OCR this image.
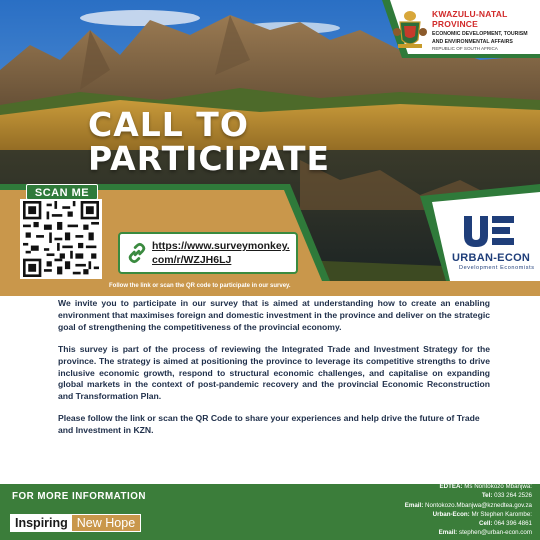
KWAZULU-NATAL PROVINCE
ECONOMIC DEVELOPMENT, TOURISM
AND ENVIRONMENTAL AFFAIRS
REPUBLIC OF SOUTH AFRICA
CALL TO
PARTICIPATE
SCAN ME
https://www.surveymonkey.
com/r/WZJH6LJ
Follow the link or scan the QR code to participate in our survey.
URBAN-ECON
Development Economists

We invite you to participate in our survey that is aimed at understanding how to create an enabling environment that maximises foreign and domestic investment in the province and deliver on the strategic goal of strengthening the competitiveness of the provincial economy.

This survey is part of the process of reviewing the Integrated Trade and Investment Strategy for the province. The strategy is aimed at positioning the province to leverage its competitive strengths to drive inclusive economic growth, respond to structural economic challenges, and capitalise on expanding global markets in the context of post-pandemic recovery and the provincial Economic Reconstruction and Transformation Plan.

Please follow the link or scan the QR Code to share your experiences and help drive the future of Trade and Investment in KZN.

FOR MORE INFORMATION
Inspiring New Hope
EDTEA: Ms Nontokozo Mbanjwa:
Tel: 033 264 2526
Email: Nontokozo.Mbanjwa@kznedtea.gov.za
Urban-Econ: Mr Stephen Karombe:
Cell: 064 396 4861
Email: stephen@urban-econ.com
